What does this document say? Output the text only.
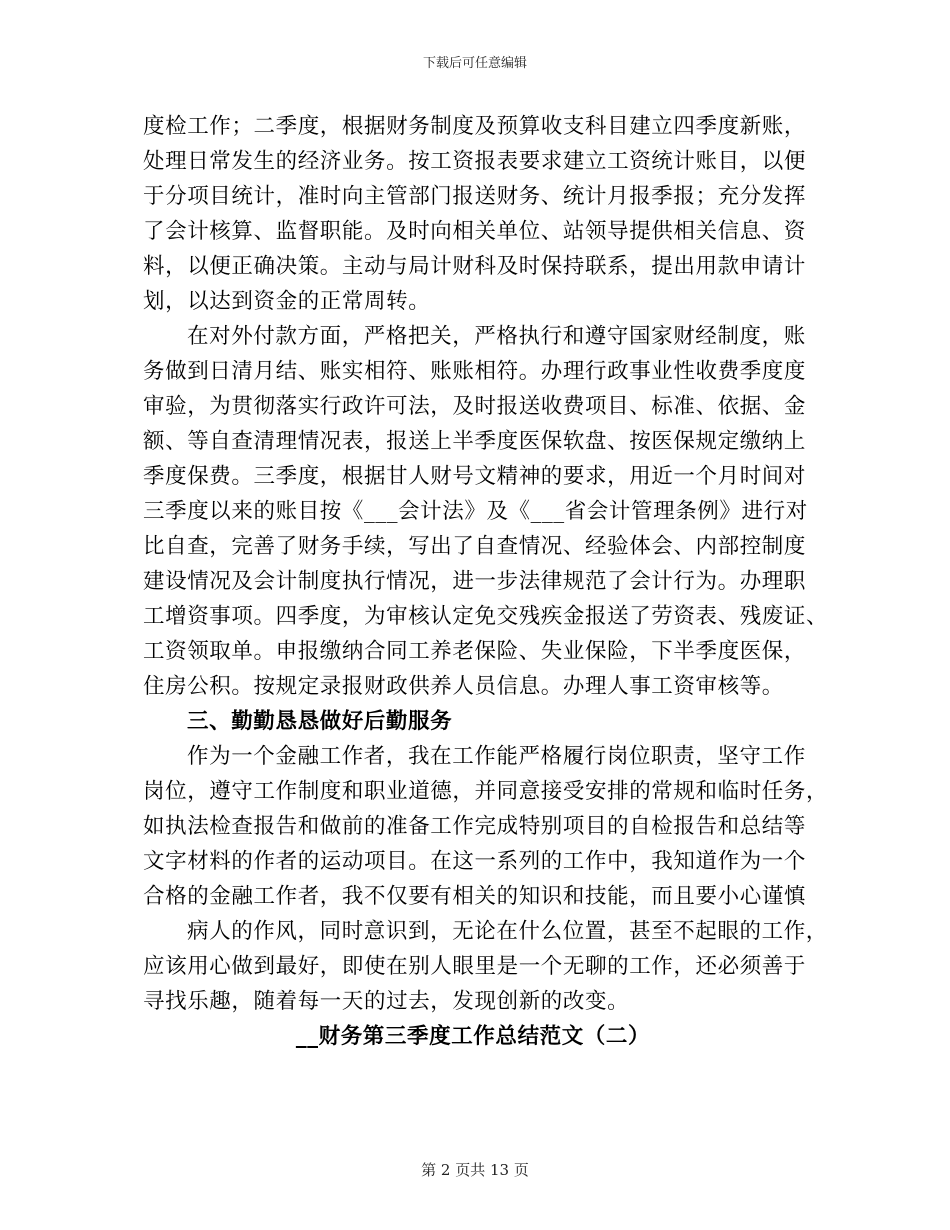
下载后可任意编辑
度检工作；二季度，根据财务制度及预算收支科目建立四季度新账，
处理日常发生的经济业务。按工资报表要求建立工资统计账目，以便
于分项目统计，准时向主管部门报送财务、统计月报季报；充分发挥
了会计核算、监督职能。及时向相关单位、站领导提供相关信息、资
料，以便正确决策。主动与局计财科及时保持联系，提出用款申请计
划，以达到资金的正常周转。
在对外付款方面，严格把关，严格执行和遵守国家财经制度，账
务做到日清月结、账实相符、账账相符。办理行政事业性收费季度度
审验，为贯彻落实行政许可法，及时报送收费项目、标准、依据、金
额、等自查清理情况表，报送上半季度医保软盘、按医保规定缴纳上
季度保费。三季度，根据甘人财号文精神的要求，用近一个月时间对
三季度以来的账目按《___会计法》及《___省会计管理条例》进行对
比自查，完善了财务手续，写出了自查情况、经验体会、内部控制度
建设情况及会计制度执行情况，进一步法律规范了会计行为。办理职
工增资事项。四季度，为审核认定免交残疾金报送了劳资表、残废证、
工资领取单。申报缴纳合同工养老保险、失业保险，下半季度医保，
住房公积。按规定录报财政供养人员信息。办理人事工资审核等。
三、勤勤恳恳做好后勤服务
作为一个金融工作者，我在工作能严格履行岗位职责，坚守工作
岗位，遵守工作制度和职业道德，并同意接受安排的常规和临时任务，
如执法检查报告和做前的准备工作完成特别项目的自检报告和总结等
文字材料的作者的运动项目。在这一系列的工作中，我知道作为一个
合格的金融工作者，我不仅要有相关的知识和技能，而且要小心谨慎
病人的作风，同时意识到，无论在什么位置，甚至不起眼的工作，
应该用心做到最好，即使在别人眼里是一个无聊的工作，还必须善于
寻找乐趣，随着每一天的过去，发现创新的改变。
__财务第三季度工作总结范文（二）
第 2 页共 13 页
